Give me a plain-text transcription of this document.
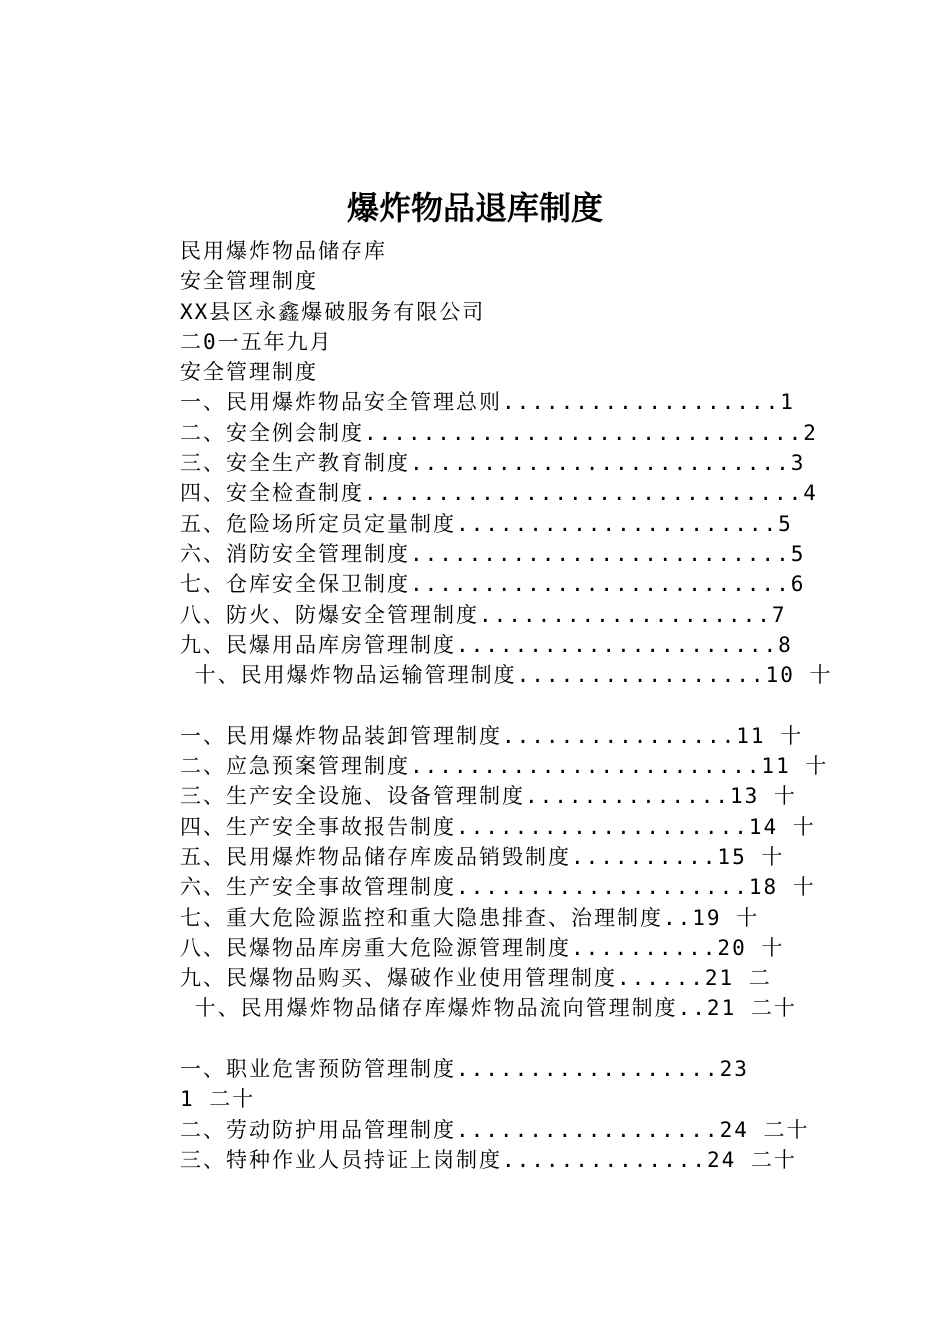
爆炸物品退库制度
民用爆炸物品储存库
安全管理制度
XX县区永鑫爆破服务有限公司
二0一五年九月
安全管理制度
一、民用爆炸物品安全管理总则...................1
二、安全例会制度..............................2
三、安全生产教育制度..........................3
四、安全检查制度..............................4
五、危险场所定员定量制度......................5
六、消防安全管理制度..........................5
七、仓库安全保卫制度..........................6
八、防火、防爆安全管理制度....................7
九、民爆用品库房管理制度......................8
十、民用爆炸物品运输管理制度.................10 十
一、民用爆炸物品装卸管理制度................11 十
二、应急预案管理制度........................11 十
三、生产安全设施、设备管理制度..............13 十
四、生产安全事故报告制度....................14 十
五、民用爆炸物品储存库废品销毁制度..........15 十
六、生产安全事故管理制度....................18 十
七、重大危险源监控和重大隐患排查、治理制度..19 十
八、民爆物品库房重大危险源管理制度..........20 十
九、民爆物品购买、爆破作业使用管理制度......21 二
十、民用爆炸物品储存库爆炸物品流向管理制度..21 二十
一、职业危害预防管理制度..................23
1 二十
二、劳动防护用品管理制度..................24 二十
三、特种作业人员持证上岗制度..............24 二十
